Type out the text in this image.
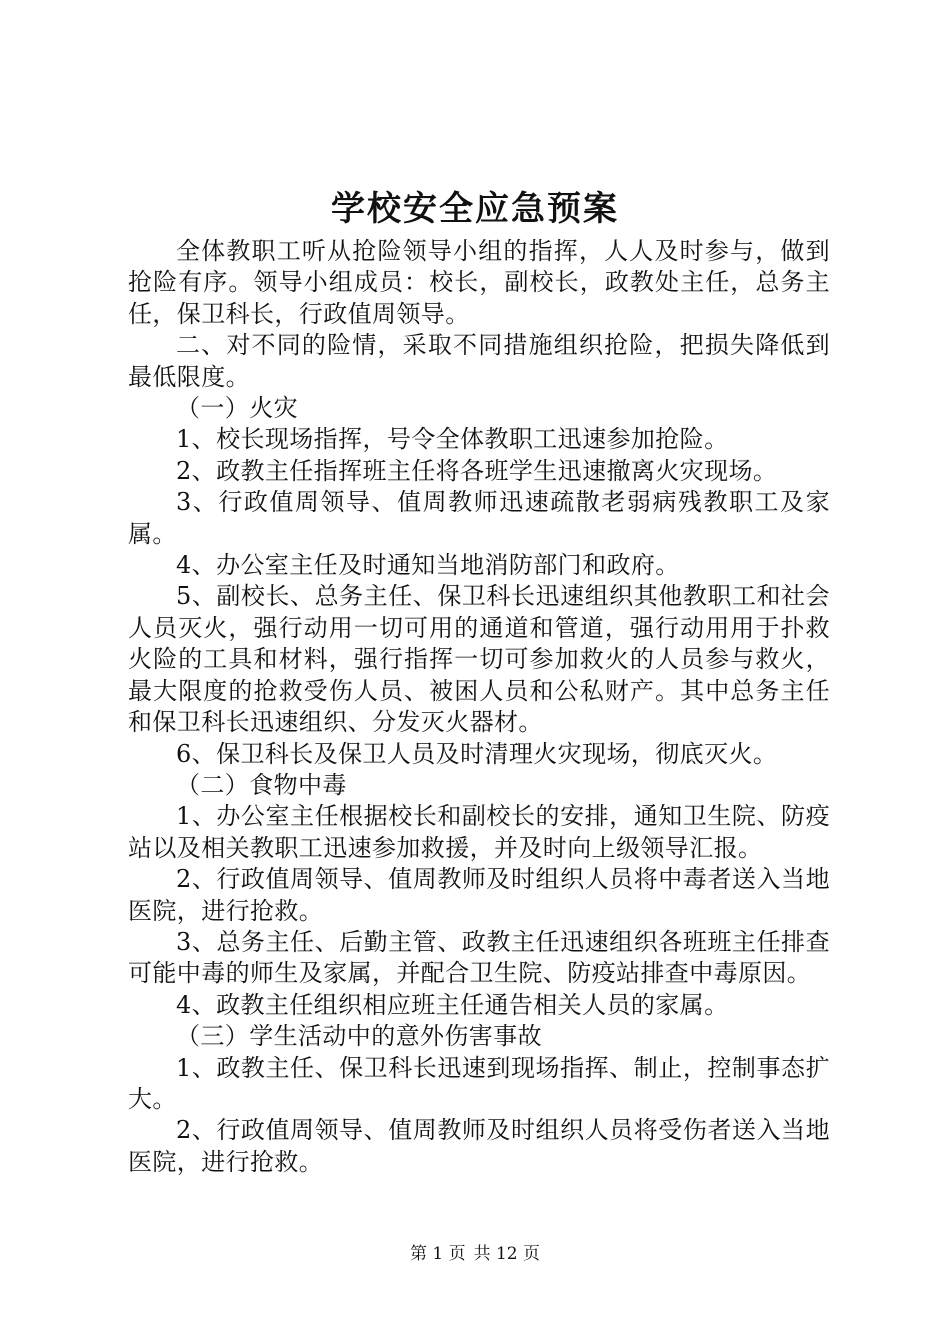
学校安全应急预案

全体教职工听从抢险领导小组的指挥，人人及时参与，做到抢险有序。领导小组成员：校长，副校长，政教处主任，总务主任，保卫科长，行政值周领导。

二、对不同的险情，采取不同措施组织抢险，把损失降低到最低限度。

（一）火灾

1、校长现场指挥，号令全体教职工迅速参加抢险。

2、政教主任指挥班主任将各班学生迅速撤离火灾现场。

3、行政值周领导、值周教师迅速疏散老弱病残教职工及家属。

4、办公室主任及时通知当地消防部门和政府。

5、副校长、总务主任、保卫科长迅速组织其他教职工和社会人员灭火，强行动用一切可用的通道和管道，强行动用用于扑救火险的工具和材料，强行指挥一切可参加救火的人员参与救火，最大限度的抢救受伤人员、被困人员和公私财产。其中总务主任和保卫科长迅速组织、分发灭火器材。

6、保卫科长及保卫人员及时清理火灾现场，彻底灭火。

（二）食物中毒

1、办公室主任根据校长和副校长的安排，通知卫生院、防疫站以及相关教职工迅速参加救援，并及时向上级领导汇报。

2、行政值周领导、值周教师及时组织人员将中毒者送入当地医院，进行抢救。

3、总务主任、后勤主管、政教主任迅速组织各班班主任排查可能中毒的师生及家属，并配合卫生院、防疫站排查中毒原因。

4、政教主任组织相应班主任通告相关人员的家属。

（三）学生活动中的意外伤害事故

1、政教主任、保卫科长迅速到现场指挥、制止，控制事态扩大。

2、行政值周领导、值周教师及时组织人员将受伤者送入当地医院，进行抢救。

第 1 页 共 12 页
